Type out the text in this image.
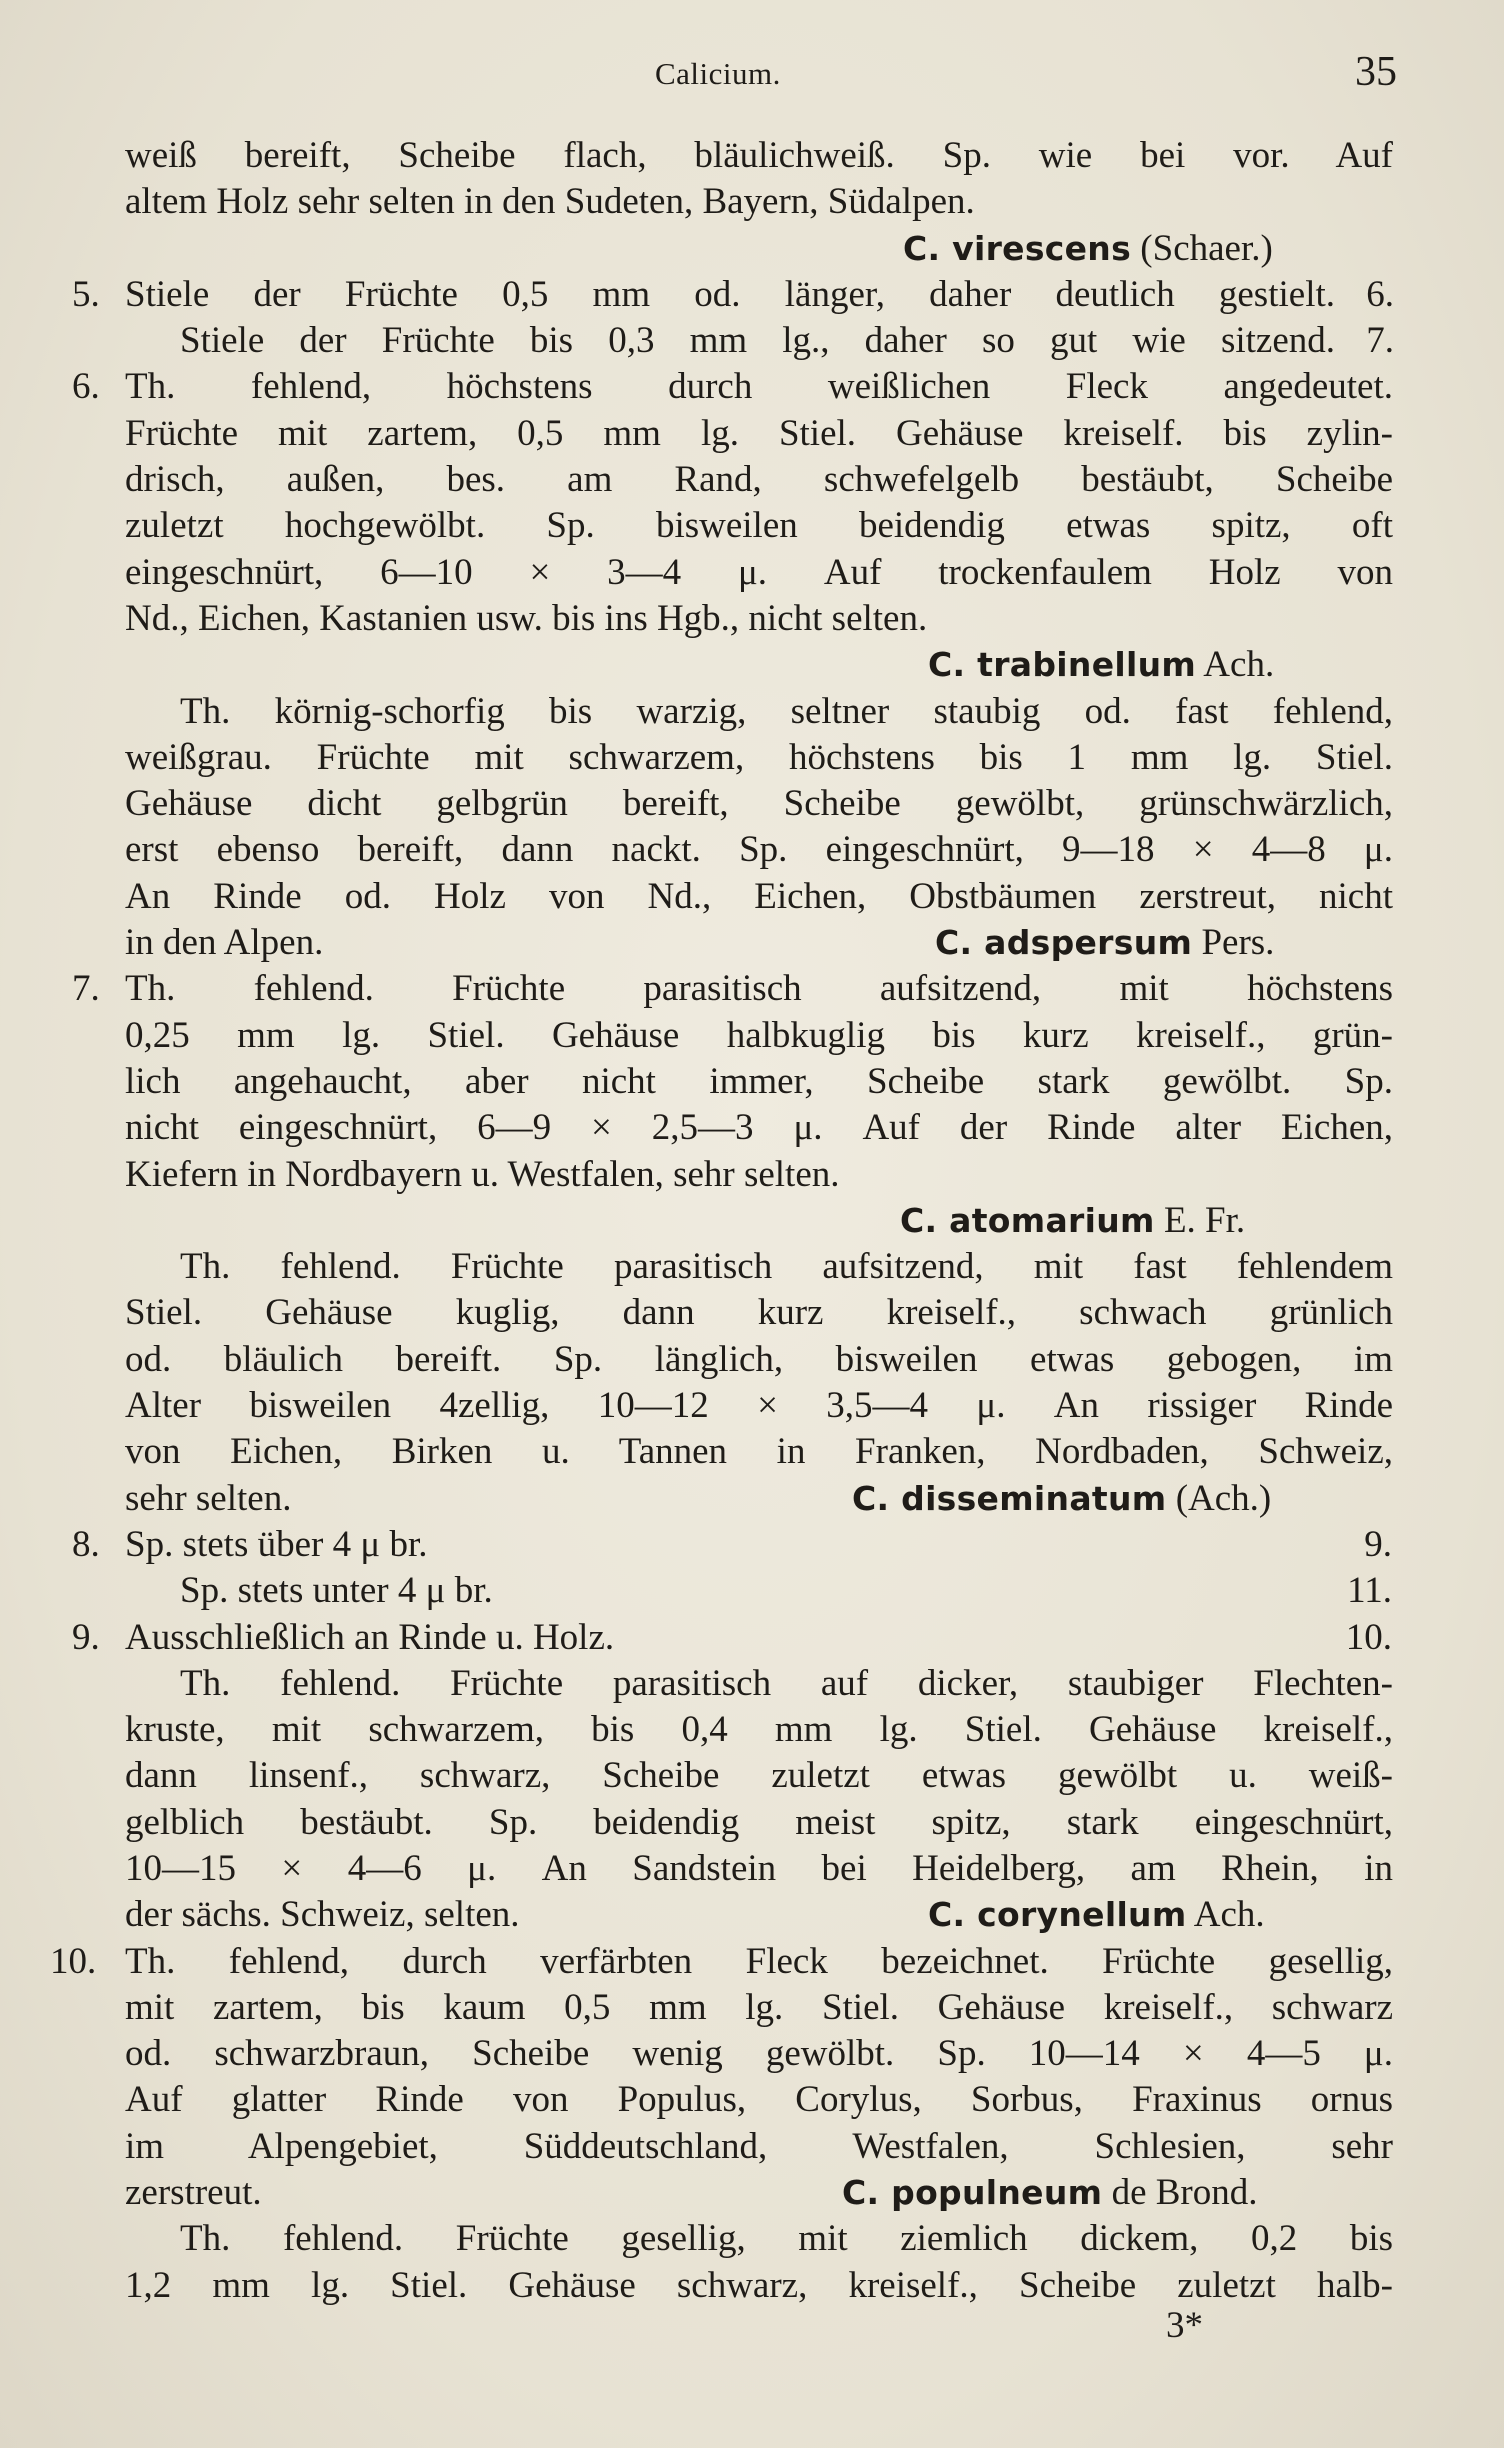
Calicium.	35
weiß bereift, Scheibe flach, bläulichweiß. Sp. wie bei vor. Auf
altem Holz sehr selten in den Sudeten, Bayern, Südalpen.
C. virescens (Schaer.)
5. Stiele der Früchte 0,5 mm od. länger, daher deutlich gestielt. 6.
Stiele der Früchte bis 0,3 mm lg., daher so gut wie sitzend. 7.
6. Th. fehlend, höchstens durch weißlichen Fleck angedeutet.
Früchte mit zartem, 0,5 mm lg. Stiel. Gehäuse kreiself. bis zylin-
drisch, außen, bes. am Rand, schwefelgelb bestäubt, Scheibe
zuletzt hochgewölbt. Sp. bisweilen beidendig etwas spitz, oft
eingeschnürt, 6—10 × 3—4 μ. Auf trockenfaulem Holz von
Nd., Eichen, Kastanien usw. bis ins Hgb., nicht selten.
C. trabinellum Ach.
Th. körnig-schorfig bis warzig, seltner staubig od. fast fehlend,
weißgrau. Früchte mit schwarzem, höchstens bis 1 mm lg. Stiel.
Gehäuse dicht gelbgrün bereift, Scheibe gewölbt, grünschwärzlich,
erst ebenso bereift, dann nackt. Sp. eingeschnürt, 9—18 × 4—8 μ.
An Rinde od. Holz von Nd., Eichen, Obstbäumen zerstreut, nicht
in den Alpen.	C. adspersum Pers.
7. Th. fehlend. Früchte parasitisch aufsitzend, mit höchstens
0,25 mm lg. Stiel. Gehäuse halbkuglig bis kurz kreiself., grün-
lich angehaucht, aber nicht immer, Scheibe stark gewölbt. Sp.
nicht eingeschnürt, 6—9 × 2,5—3 μ. Auf der Rinde alter Eichen,
Kiefern in Nordbayern u. Westfalen, sehr selten.
C. atomarium E. Fr.
Th. fehlend. Früchte parasitisch aufsitzend, mit fast fehlendem
Stiel. Gehäuse kuglig, dann kurz kreiself., schwach grünlich
od. bläulich bereift. Sp. länglich, bisweilen etwas gebogen, im
Alter bisweilen 4zellig, 10—12 × 3,5—4 μ. An rissiger Rinde
von Eichen, Birken u. Tannen in Franken, Nordbaden, Schweiz,
sehr selten.	C. disseminatum (Ach.)
8. Sp. stets über 4 μ br.	9.
Sp. stets unter 4 μ br.	11.
9. Ausschließlich an Rinde u. Holz.	10.
Th. fehlend. Früchte parasitisch auf dicker, staubiger Flechten-
kruste, mit schwarzem, bis 0,4 mm lg. Stiel. Gehäuse kreiself.,
dann linsenf., schwarz, Scheibe zuletzt etwas gewölbt u. weiß-
gelblich bestäubt. Sp. beidendig meist spitz, stark eingeschnürt,
10—15 × 4—6 μ. An Sandstein bei Heidelberg, am Rhein, in
der sächs. Schweiz, selten.	C. corynellum Ach.
10. Th. fehlend, durch verfärbten Fleck bezeichnet. Früchte gesellig,
mit zartem, bis kaum 0,5 mm lg. Stiel. Gehäuse kreiself., schwarz
od. schwarzbraun, Scheibe wenig gewölbt. Sp. 10—14 × 4—5 μ.
Auf glatter Rinde von Populus, Corylus, Sorbus, Fraxinus ornus
im Alpengebiet, Süddeutschland, Westfalen, Schlesien, sehr
zerstreut.	C. populneum de Brond.
Th. fehlend. Früchte gesellig, mit ziemlich dickem, 0,2 bis
1,2 mm lg. Stiel. Gehäuse schwarz, kreiself., Scheibe zuletzt halb-
3*
